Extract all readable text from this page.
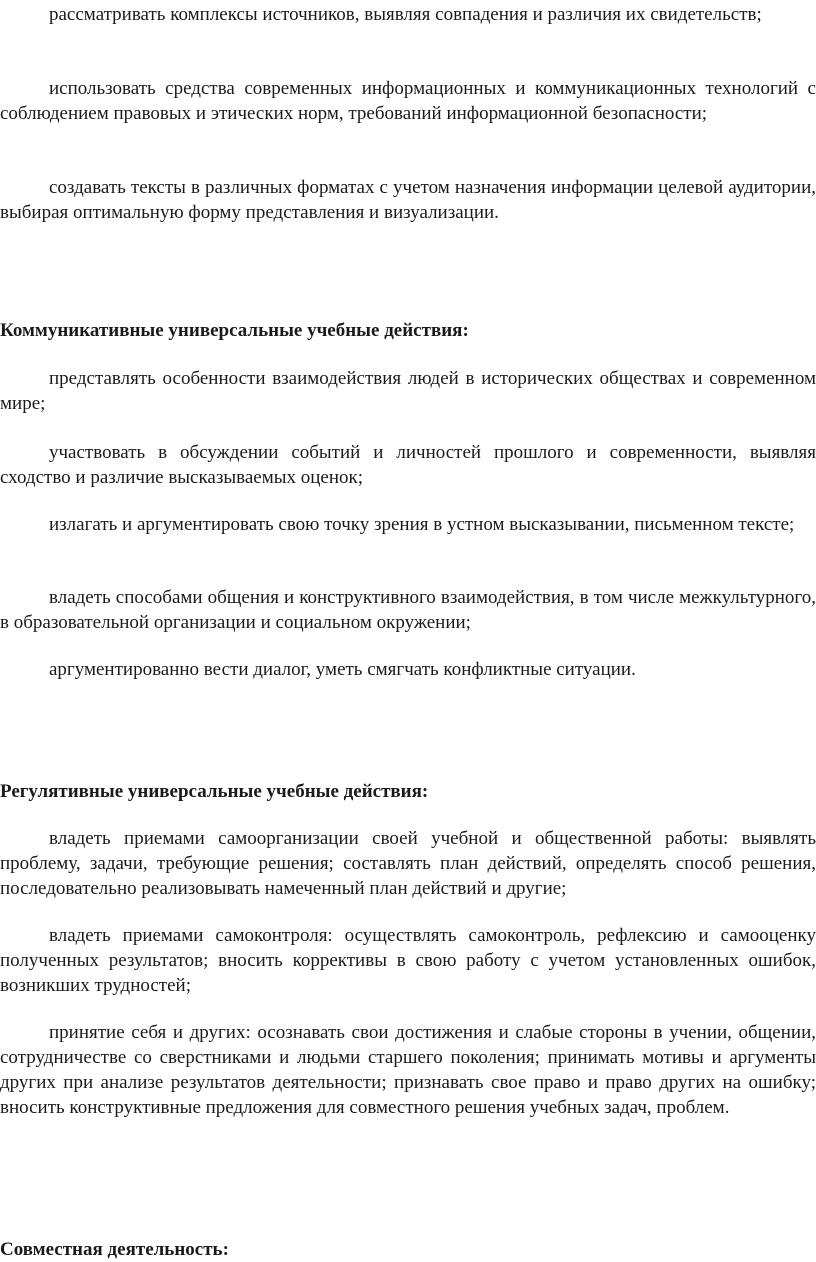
рассматривать комплексы источников, выявляя совпадения и различия их свидетельств;

использовать средства современных информационных и коммуникационных технологий с соблюдением правовых и этических норм, требований информационной безопасности;

создавать тексты в различных форматах с учетом назначения информации целевой аудитории, выбирая оптимальную форму представления и визуализации.

Коммуникативные универсальные учебные действия:

представлять особенности взаимодействия людей в исторических обществах и современном мире;

участвовать в обсуждении событий и личностей прошлого и современности, выявляя сходство и различие высказываемых оценок;

излагать и аргументировать свою точку зрения в устном высказывании, письменном тексте;

владеть способами общения и конструктивного взаимодействия, в том числе межкультурного, в образовательной организации и социальном окружении;

аргументированно вести диалог, уметь смягчать конфликтные ситуации.

Регулятивные универсальные учебные действия:

владеть приемами самоорганизации своей учебной и общественной работы: выявлять проблему, задачи, требующие решения; составлять план действий, определять способ решения, последовательно реализовывать намеченный план действий и другие;

владеть приемами самоконтроля: осуществлять самоконтроль, рефлексию и самооценку полученных результатов; вносить коррективы в свою работу с учетом установленных ошибок, возникших трудностей;

принятие себя и других: осознавать свои достижения и слабые стороны в учении, общении, сотрудничестве со сверстниками и людьми старшего поколения; принимать мотивы и аргументы других при анализе результатов деятельности; признавать свое право и право других на ошибку; вносить конструктивные предложения для совместного решения учебных задач, проблем.

Совместная деятельность:
